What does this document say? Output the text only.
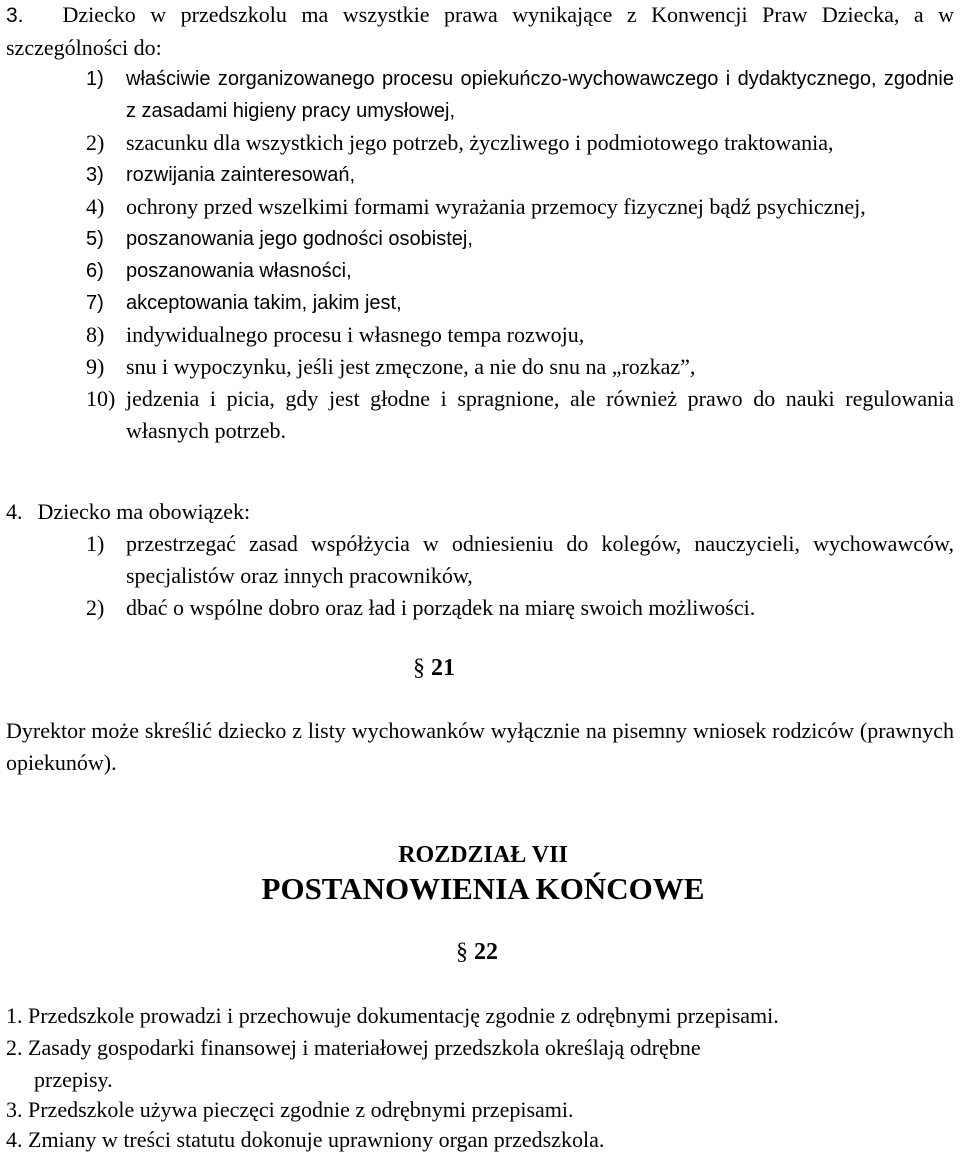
3. Dziecko w przedszkolu ma wszystkie prawa wynikające z Konwencji Praw Dziecka, a w szczególności do:
1) właściwie zorganizowanego procesu opiekuńczo-wychowawczego i dydaktycznego, zgodnie z zasadami higieny pracy umysłowej,
2) szacunku dla wszystkich jego potrzeb, życzliwego i podmiotowego traktowania,
3) rozwijania zainteresowań,
4) ochrony przed wszelkimi formami wyrażania przemocy fizycznej bądź psychicznej,
5) poszanowania jego godności osobistej,
6) poszanowania własności,
7) akceptowania takim, jakim jest,
8) indywidualnego procesu i własnego tempa rozwoju,
9) snu i wypoczynku, jeśli jest zmęczone, a nie do snu na „rozkaz”,
10) jedzenia i picia, gdy jest głodne i spragnione, ale również prawo do nauki regulowania własnych potrzeb.
4. Dziecko ma obowiązek:
1) przestrzegać zasad współżycia w odniesieniu do kolegów, nauczycieli, wychowawców, specjalistów oraz innych pracowników,
2) dbać o wspólne dobro oraz ład i porządek na miarę swoich możliwości.
§ 21
Dyrektor może skreślić dziecko z listy wychowanków wyłącznie na pisemny wniosek rodziców (prawnych opiekunów).
ROZDZIAŁ VII
POSTANOWIENIA KOŃCOWE
§ 22
1. Przedszkole prowadzi i przechowuje dokumentację zgodnie z odrębnymi przepisami.
2. Zasady gospodarki finansowej i materiałowej przedszkola określają odrębne
przepisy.
3. Przedszkole używa pieczęci zgodnie z odrębnymi przepisami.
4. Zmiany w treści statutu dokonuje uprawniony organ przedszkola.
